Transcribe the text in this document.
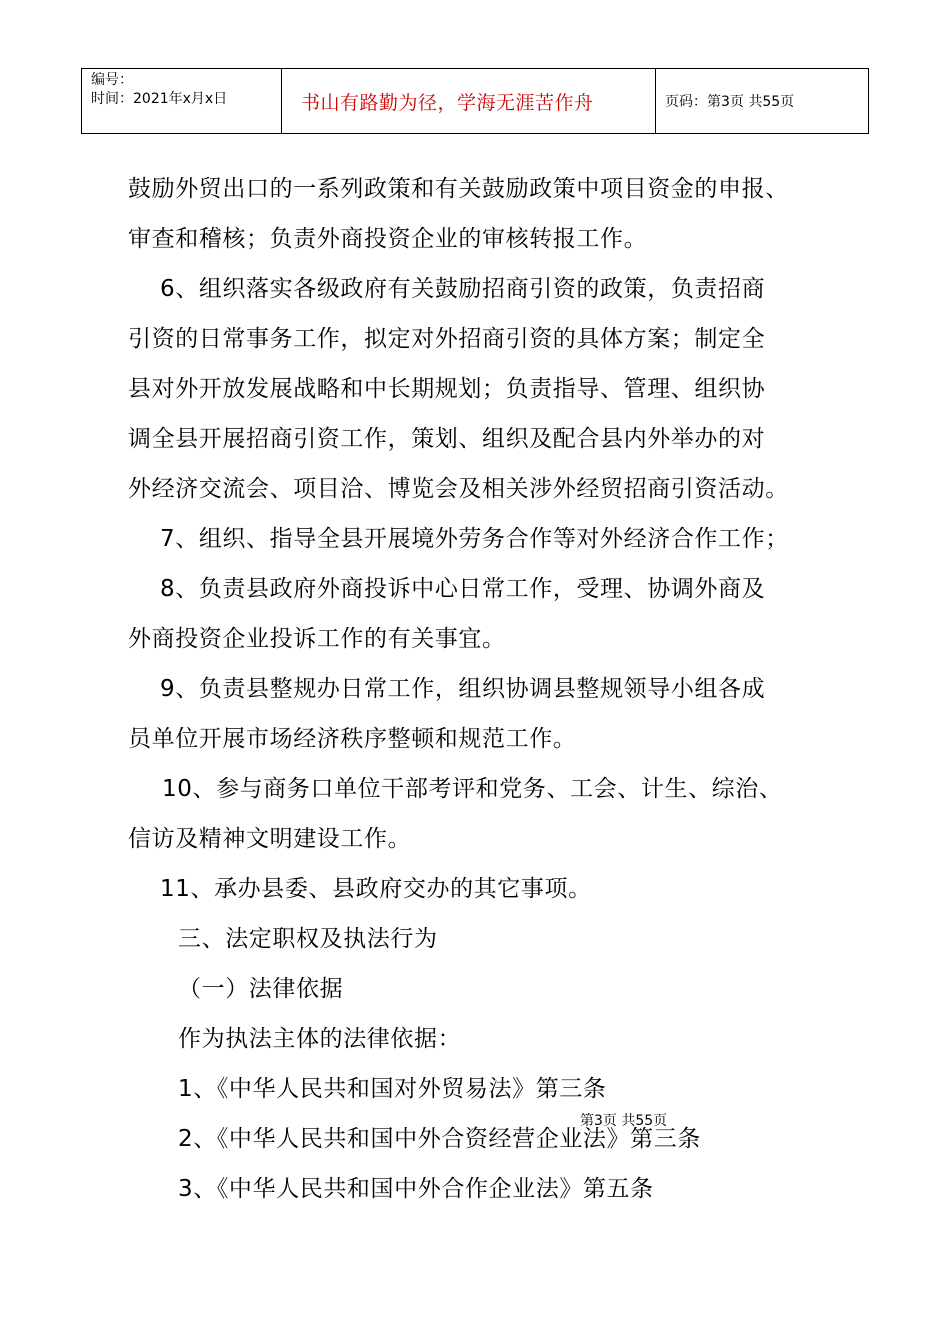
编号：
时间：2021年x月x日	书山有路勤为径，学海无涯苦作舟	页码：第3页 共55页
鼓励外贸出口的一系列政策和有关鼓励政策中项目资金的申报、
审查和稽核；负责外商投资企业的审核转报工作。
6、组织落实各级政府有关鼓励招商引资的政策，负责招商
引资的日常事务工作，拟定对外招商引资的具体方案；制定全
县对外开放发展战略和中长期规划；负责指导、管理、组织协
调全县开展招商引资工作，策划、组织及配合县内外举办的对
外经济交流会、项目洽、博览会及相关涉外经贸招商引资活动。
7、组织、指导全县开展境外劳务合作等对外经济合作工作；
8、负责县政府外商投诉中心日常工作，受理、协调外商及
外商投资企业投诉工作的有关事宜。
9、负责县整规办日常工作，组织协调县整规领导小组各成
员单位开展市场经济秩序整顿和规范工作。
10、参与商务口单位干部考评和党务、工会、计生、综治、
信访及精神文明建设工作。
11、承办县委、县政府交办的其它事项。
三、法定职权及执法行为
（一）法律依据
作为执法主体的法律依据：
1、《中华人民共和国对外贸易法》第三条
2、《中华人民共和国中外合资经营企业法》第三条
3、《中华人民共和国中外合作企业法》第五条
第3页 共55页
